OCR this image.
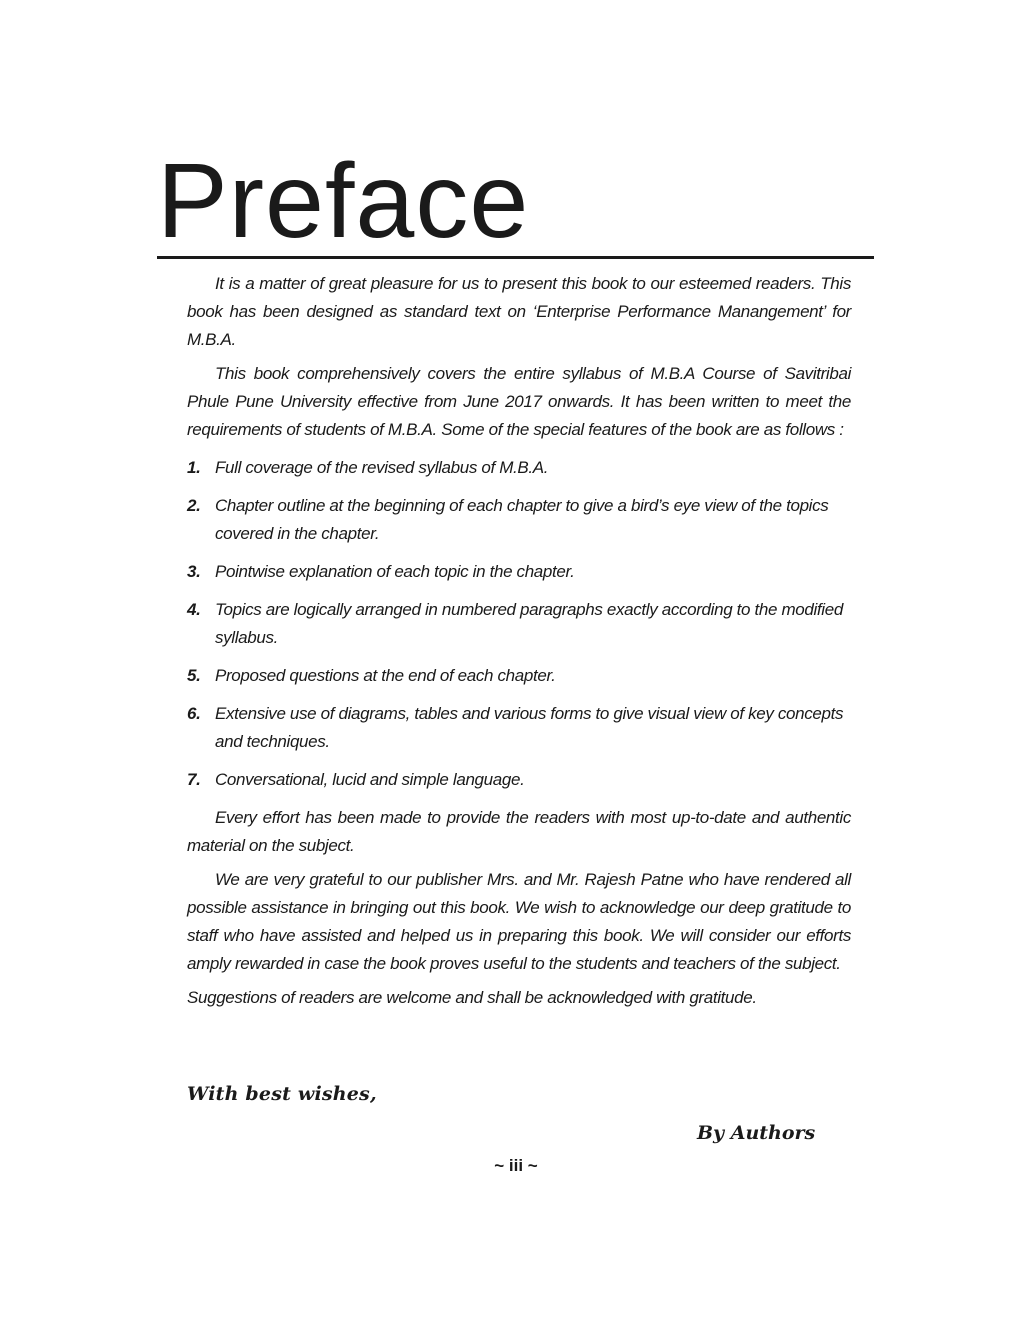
Preface

It is a matter of great pleasure for us to present this book to our esteemed readers. This book has been designed as standard text on ‘Enterprise Performance Manangement’ for M.B.A.

This book comprehensively covers the entire syllabus of M.B.A Course of Savitribai Phule Pune University effective from June 2017 onwards. It has been written to meet the requirements of students of M.B.A. Some of the special features of the book are as follows :

1. Full coverage of the revised syllabus of M.B.A.
2. Chapter outline at the beginning of each chapter to give a bird’s eye view of the topics covered in the chapter.
3. Pointwise explanation of each topic in the chapter.
4. Topics are logically arranged in numbered paragraphs exactly according to the modified syllabus.
5. Proposed questions at the end of each chapter.
6. Extensive use of diagrams, tables and various forms to give visual view of key concepts and techniques.
7. Conversational, lucid and simple language.

Every effort has been made to provide the readers with most up-to-date and authentic material on the subject.

We are very grateful to our publisher Mrs. and Mr. Rajesh Patne who have rendered all possible assistance in bringing out this book. We wish to acknowledge our deep gratitude to staff who have assisted and helped us in preparing this book. We will consider our efforts amply rewarded in case the book proves useful to the students and teachers of the subject.

Suggestions of readers are welcome and shall be acknowledged with gratitude.

With best wishes,

By Authors

~ iii ~
